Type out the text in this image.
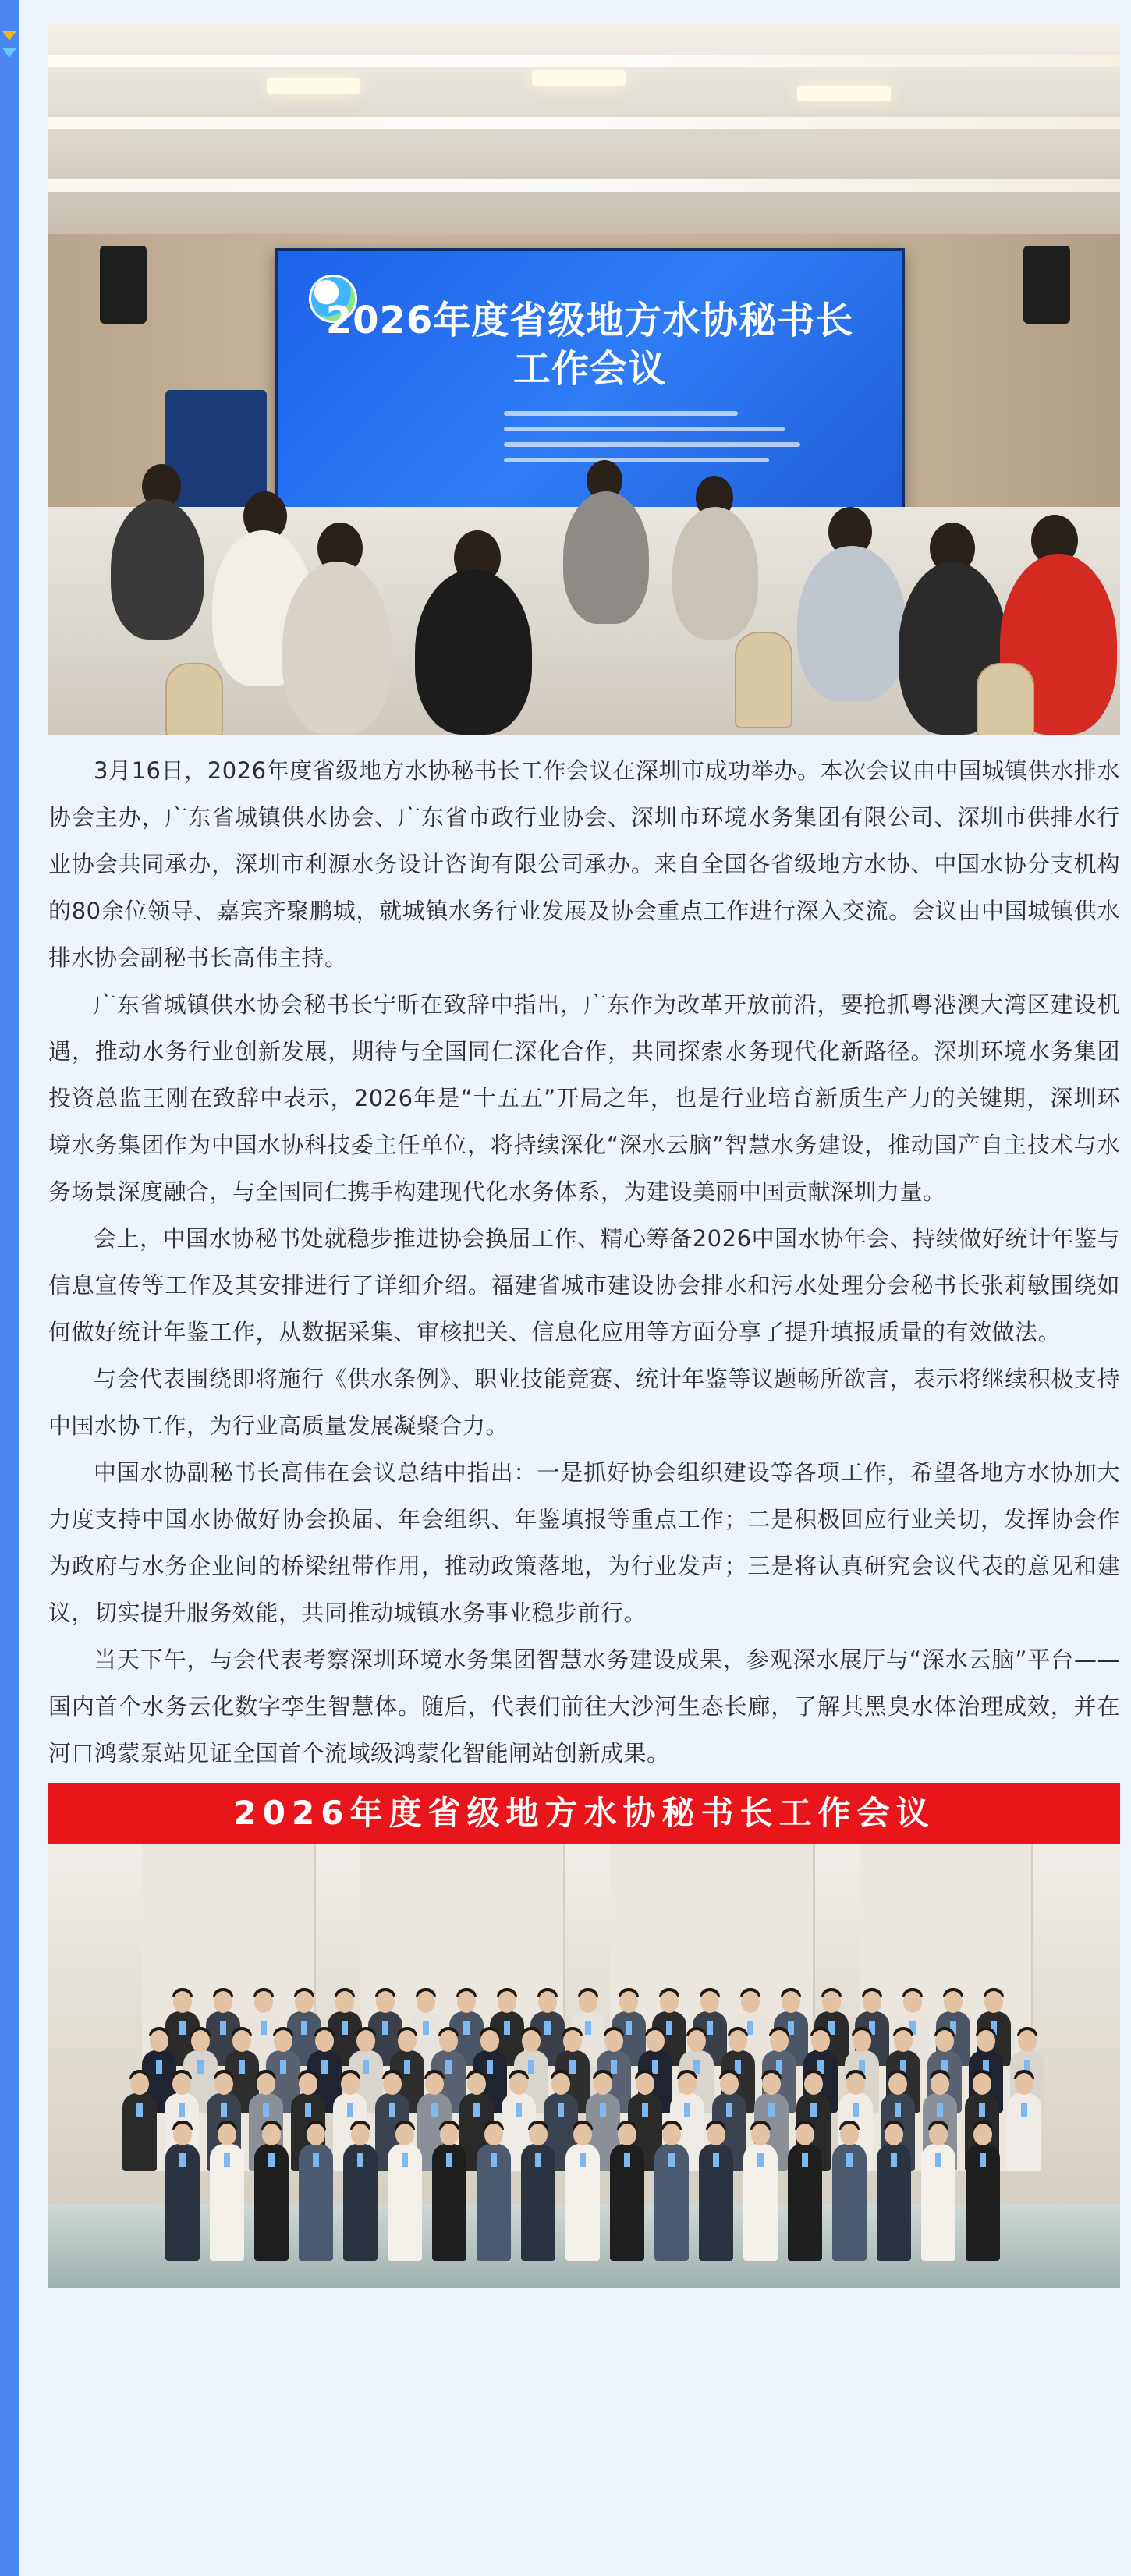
2026年度省级地方水协秘书长
工作会议

3月16日，2026年度省级地方水协秘书长工作会议在深圳市成功举办。本次会议由中国城镇供水排水协会主办，广东省城镇供水协会、广东省市政行业协会、深圳市环境水务集团有限公司、深圳市供排水行业协会共同承办，深圳市利源水务设计咨询有限公司承办。来自全国各省级地方水协、中国水协分支机构的80余位领导、嘉宾齐聚鹏城，就城镇水务行业发展及协会重点工作进行深入交流。会议由中国城镇供水排水协会副秘书长高伟主持。

广东省城镇供水协会秘书长宁昕在致辞中指出，广东作为改革开放前沿，要抢抓粤港澳大湾区建设机遇，推动水务行业创新发展，期待与全国同仁深化合作，共同探索水务现代化新路径。深圳环境水务集团投资总监王刚在致辞中表示，2026年是“十五五”开局之年，也是行业培育新质生产力的关键期，深圳环境水务集团作为中国水协科技委主任单位，将持续深化“深水云脑”智慧水务建设，推动国产自主技术与水务场景深度融合，与全国同仁携手构建现代化水务体系，为建设美丽中国贡献深圳力量。

会上，中国水协秘书处就稳步推进协会换届工作、精心筹备2026中国水协年会、持续做好统计年鉴与信息宣传等工作及其安排进行了详细介绍。福建省城市建设协会排水和污水处理分会秘书长张莉敏围绕如何做好统计年鉴工作，从数据采集、审核把关、信息化应用等方面分享了提升填报质量的有效做法。

与会代表围绕即将施行《供水条例》、职业技能竞赛、统计年鉴等议题畅所欲言，表示将继续积极支持中国水协工作，为行业高质量发展凝聚合力。

中国水协副秘书长高伟在会议总结中指出：一是抓好协会组织建设等各项工作，希望各地方水协加大力度支持中国水协做好协会换届、年会组织、年鉴填报等重点工作；二是积极回应行业关切，发挥协会作为政府与水务企业间的桥梁纽带作用，推动政策落地，为行业发声；三是将认真研究会议代表的意见和建议，切实提升服务效能，共同推动城镇水务事业稳步前行。

当天下午，与会代表考察深圳环境水务集团智慧水务建设成果，参观深水展厅与“深水云脑”平台——国内首个水务云化数字孪生智慧体。随后，代表们前往大沙河生态长廊，了解其黑臭水体治理成效，并在河口鸿蒙泵站见证全国首个流域级鸿蒙化智能闸站创新成果。

2026年度省级地方水协秘书长工作会议
